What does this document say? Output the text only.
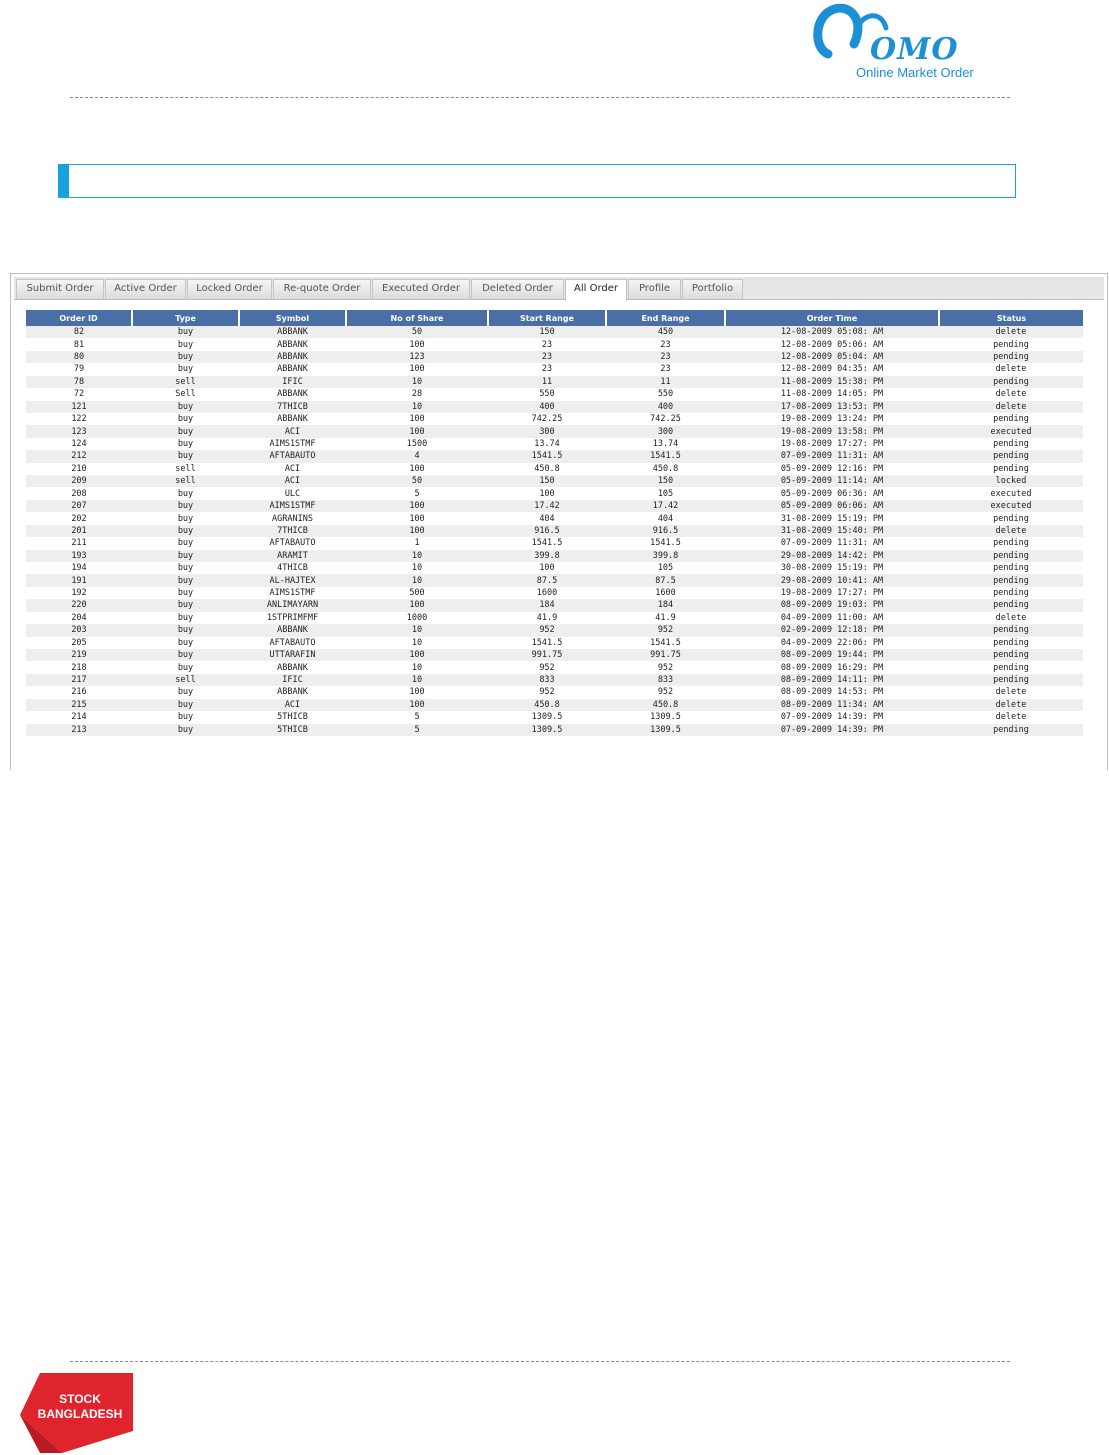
OMO
Online Market Order
Submit Order	Active Order	Locked Order	Re-quote Order	Executed Order	Deleted Order	All Order	Profile	Portfolio
Order ID	Type	Symbol	No of Share	Start Range	End Range	Order Time	Status
82	buy	ABBANK	50	150	450	12-08-2009 05:08: AM	delete
81	buy	ABBANK	100	23	23	12-08-2009 05:06: AM	pending
80	buy	ABBANK	123	23	23	12-08-2009 05:04: AM	pending
79	buy	ABBANK	100	23	23	12-08-2009 04:35: AM	delete
78	sell	IFIC	10	11	11	11-08-2009 15:38: PM	pending
72	Sell	ABBANK	28	550	550	11-08-2009 14:05: PM	delete
121	buy	7THICB	10	400	400	17-08-2009 13:53: PM	delete
122	buy	ABBANK	100	742.25	742.25	19-08-2009 13:24: PM	pending
123	buy	ACI	100	300	300	19-08-2009 13:58: PM	executed
124	buy	AIMS1STMF	1500	13.74	13.74	19-08-2009 17:27: PM	pending
212	buy	AFTABAUTO	4	1541.5	1541.5	07-09-2009 11:31: AM	pending
210	sell	ACI	100	450.8	450.8	05-09-2009 12:16: PM	pending
209	sell	ACI	50	150	150	05-09-2009 11:14: AM	locked
208	buy	ULC	5	100	105	05-09-2009 06:36: AM	executed
207	buy	AIMS1STMF	100	17.42	17.42	05-09-2009 06:06: AM	executed
202	buy	AGRANINS	100	404	404	31-08-2009 15:19: PM	pending
201	buy	7THICB	100	916.5	916.5	31-08-2009 15:40: PM	delete
211	buy	AFTABAUTO	1	1541.5	1541.5	07-09-2009 11:31: AM	pending
193	buy	ARAMIT	10	399.8	399.8	29-08-2009 14:42: PM	pending
194	buy	4THICB	10	100	105	30-08-2009 15:19: PM	pending
191	buy	AL-HAJTEX	10	87.5	87.5	29-08-2009 10:41: AM	pending
192	buy	AIMS1STMF	500	1600	1600	19-08-2009 17:27: PM	pending
220	buy	ANLIMAYARN	100	184	184	08-09-2009 19:03: PM	pending
204	buy	1STPRIMFMF	1000	41.9	41.9	04-09-2009 11:00: AM	delete
203	buy	ABBANK	10	952	952	02-09-2009 12:18: PM	pending
205	buy	AFTABAUTO	10	1541.5	1541.5	04-09-2009 22:06: PM	pending
219	buy	UTTARAFIN	100	991.75	991.75	08-09-2009 19:44: PM	pending
218	buy	ABBANK	10	952	952	08-09-2009 16:29: PM	pending
217	sell	IFIC	10	833	833	08-09-2009 14:11: PM	pending
216	buy	ABBANK	100	952	952	08-09-2009 14:53: PM	delete
215	buy	ACI	100	450.8	450.8	08-09-2009 11:34: AM	delete
214	buy	5THICB	5	1309.5	1309.5	07-09-2009 14:39: PM	delete
213	buy	5THICB	5	1309.5	1309.5	07-09-2009 14:39: PM	pending
STOCK
BANGLADESH
